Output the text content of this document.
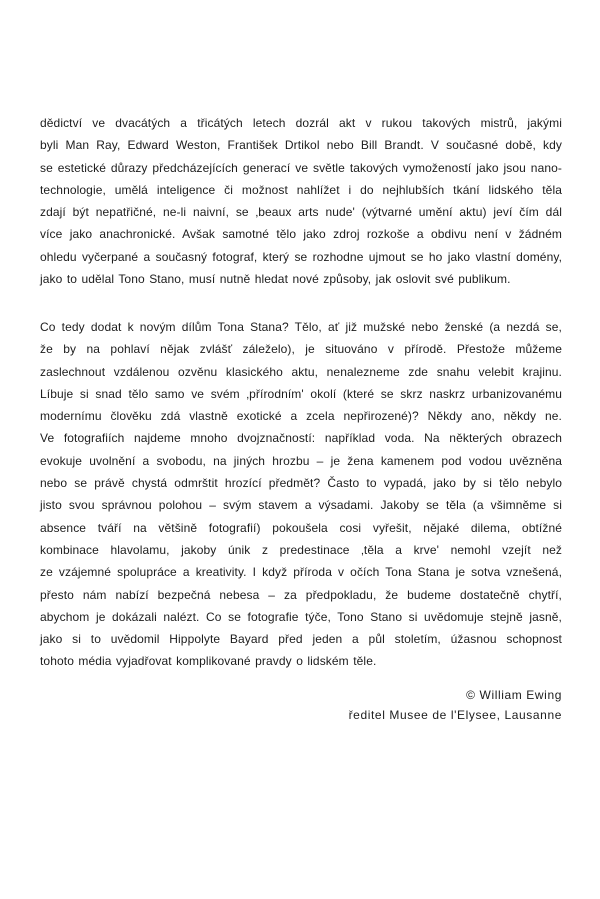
dědictví ve dvacátých a třicátých letech dozrál akt v rukou takových mistrů, jakými
byli Man Ray, Edward Weston, František Drtikol nebo Bill Brandt. V současné době, kdy
se estetické důrazy předcházejících generací ve světle takových vymožeností jako jsou nano-
technologie, umělá inteligence či možnost nahlížet i do nejhlubších tkání lidského těla
zdají být nepatřičné, ne-li naivní, se ‚beaux arts nude' (výtvarné umění aktu) jeví čím dál
více jako anachronické. Avšak samotné tělo jako zdroj rozkoše a obdivu není v žádném
ohledu vyčerpané a současný fotograf, který se rozhodne ujmout se ho jako vlastní domény,
jako to udělal Tono Stano, musí nutně hledat nové způsoby, jak oslovit své publikum.
Co tedy dodat k novým dílům Tona Stana? Tělo, ať již mužské nebo ženské (a nezdá se,
že by na pohlaví nějak zvlášť záleželo), je situováno v přírodě. Přestože můžeme
zaslechnout vzdálenou ozvěnu klasického aktu, nenalezneme zde snahu velebit krajinu.
Líbuje si snad tělo samo ve svém ‚přírodním' okolí (které se skrz naskrz urbanizovanému
modernímu člověku zdá vlastně exotické a zcela nepřirozené)? Někdy ano, někdy ne.
Ve fotografiích najdeme mnoho dvojznačností: například voda. Na některých obrazech
evokuje uvolnění a svobodu, na jiných hrozbu – je žena kamenem pod vodou uvězněna
nebo se právě chystá odmrštit hrozící předmět? Často to vypadá, jako by si tělo nebylo
jisto svou správnou polohou – svým stavem a výsadami. Jakoby se těla (a všimněme si
absence tváří na většině fotografií) pokoušela cosi vyřešit, nějaké dilema, obtížné
kombinace hlavolamu, jakoby únik z predestinace ‚těla a krve' nemohl vzejít než
ze vzájemné spolupráce a kreativity. I když příroda v očích Tona Stana je sotva vznešená,
přesto nám nabízí bezpečná nebesa – za předpokladu, že budeme dostatečně chytří,
abychom je dokázali nalézt. Co se fotografie týče, Tono Stano si uvědomuje stejně jasně,
jako si to uvědomil Hippolyte Bayard před jeden a půl stoletím, úžasnou schopnost
tohoto média vyjadřovat komplikované pravdy o lidském těle.
© William Ewing
ředitel Musee de l'Elysee, Lausanne
